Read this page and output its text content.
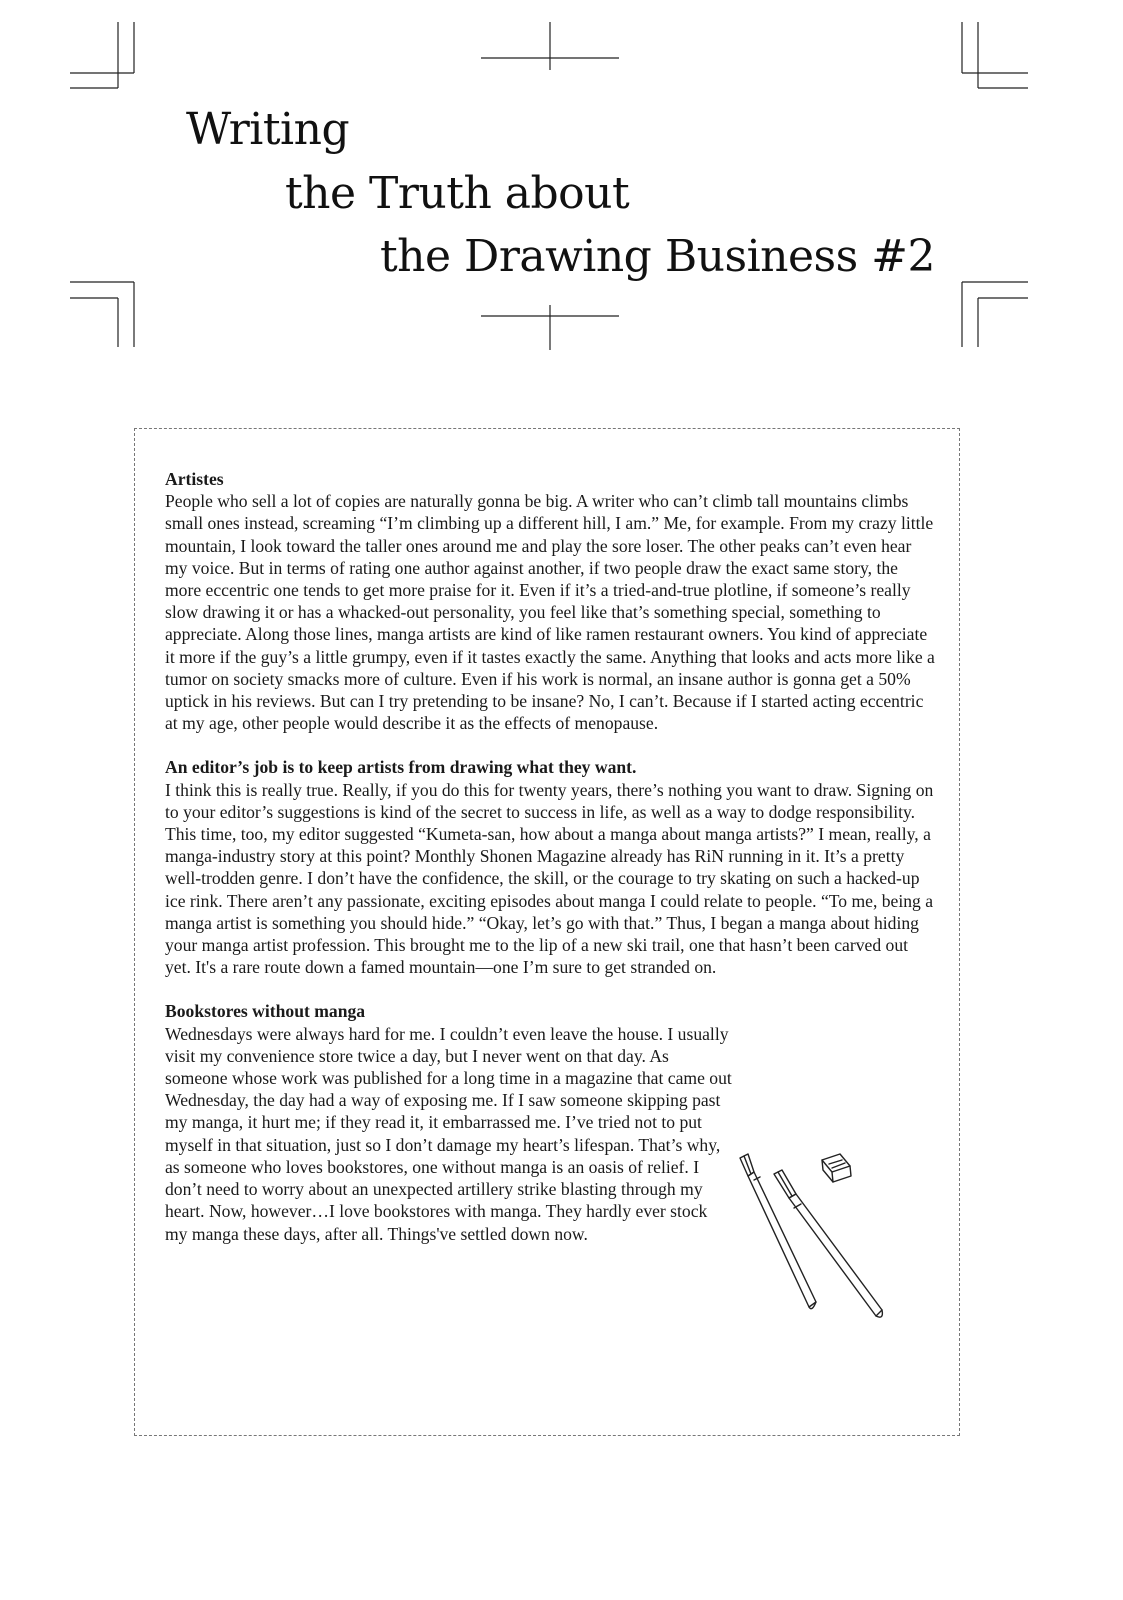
Writing
the Truth about
the Drawing Business #2
Artistes
People who sell a lot of copies are naturally gonna be big. A writer who can’t climb tall mountains climbs small ones instead, screaming “I’m climbing up a different hill, I am.” Me, for example. From my crazy little mountain, I look toward the taller ones around me and play the sore loser. The other peaks can’t even hear my voice. But in terms of rating one author against another, if two people draw the exact same story, the more eccentric one tends to get more praise for it. Even if it’s a tried-and-true plotline, if someone’s really slow drawing it or has a whacked-out personality, you feel like that’s something special, something to appreciate. Along those lines, manga artists are kind of like ramen restaurant owners. You kind of appreciate it more if the guy’s a little grumpy, even if it tastes exactly the same. Anything that looks and acts more like a tumor on society smacks more of culture. Even if his work is normal, an insane author is gonna get a 50% uptick in his reviews. But can I try pretending to be insane? No, I can’t. Because if I started acting eccentric at my age, other people would describe it as the effects of menopause.
An editor’s job is to keep artists from drawing what they want.
I think this is really true. Really, if you do this for twenty years, there’s nothing you want to draw. Signing on to your editor’s suggestions is kind of the secret to success in life, as well as a way to dodge responsibility. This time, too, my editor suggested “Kumeta-san, how about a manga about manga artists?” I mean, really, a manga-industry story at this point? Monthly Shonen Magazine already has RiN running in it. It’s a pretty well-trodden genre. I don’t have the confidence, the skill, or the courage to try skating on such a hacked-up ice rink. There aren’t any passionate, exciting episodes about manga I could relate to people. “To me, being a manga artist is something you should hide.” “Okay, let’s go with that.” Thus, I began a manga about hiding your manga artist profession. This brought me to the lip of a new ski trail, one that hasn’t been carved out yet. It's a rare route down a famed mountain—one I’m sure to get stranded on.
Bookstores without manga
Wednesdays were always hard for me. I couldn’t even leave the house. I usually visit my convenience store twice a day, but I never went on that day. As someone whose work was published for a long time in a magazine that came out Wednesday, the day had a way of exposing me. If I saw someone skipping past my manga, it hurt me; if they read it, it embarrassed me. I’ve tried not to put myself in that situation, just so I don’t damage my heart’s lifespan. That’s why, as someone who loves bookstores, one without manga is an oasis of relief. I don’t need to worry about an unexpected artillery strike blasting through my heart. Now, however…I love bookstores with manga. They hardly ever stock my manga these days, after all. Things've settled down now.
